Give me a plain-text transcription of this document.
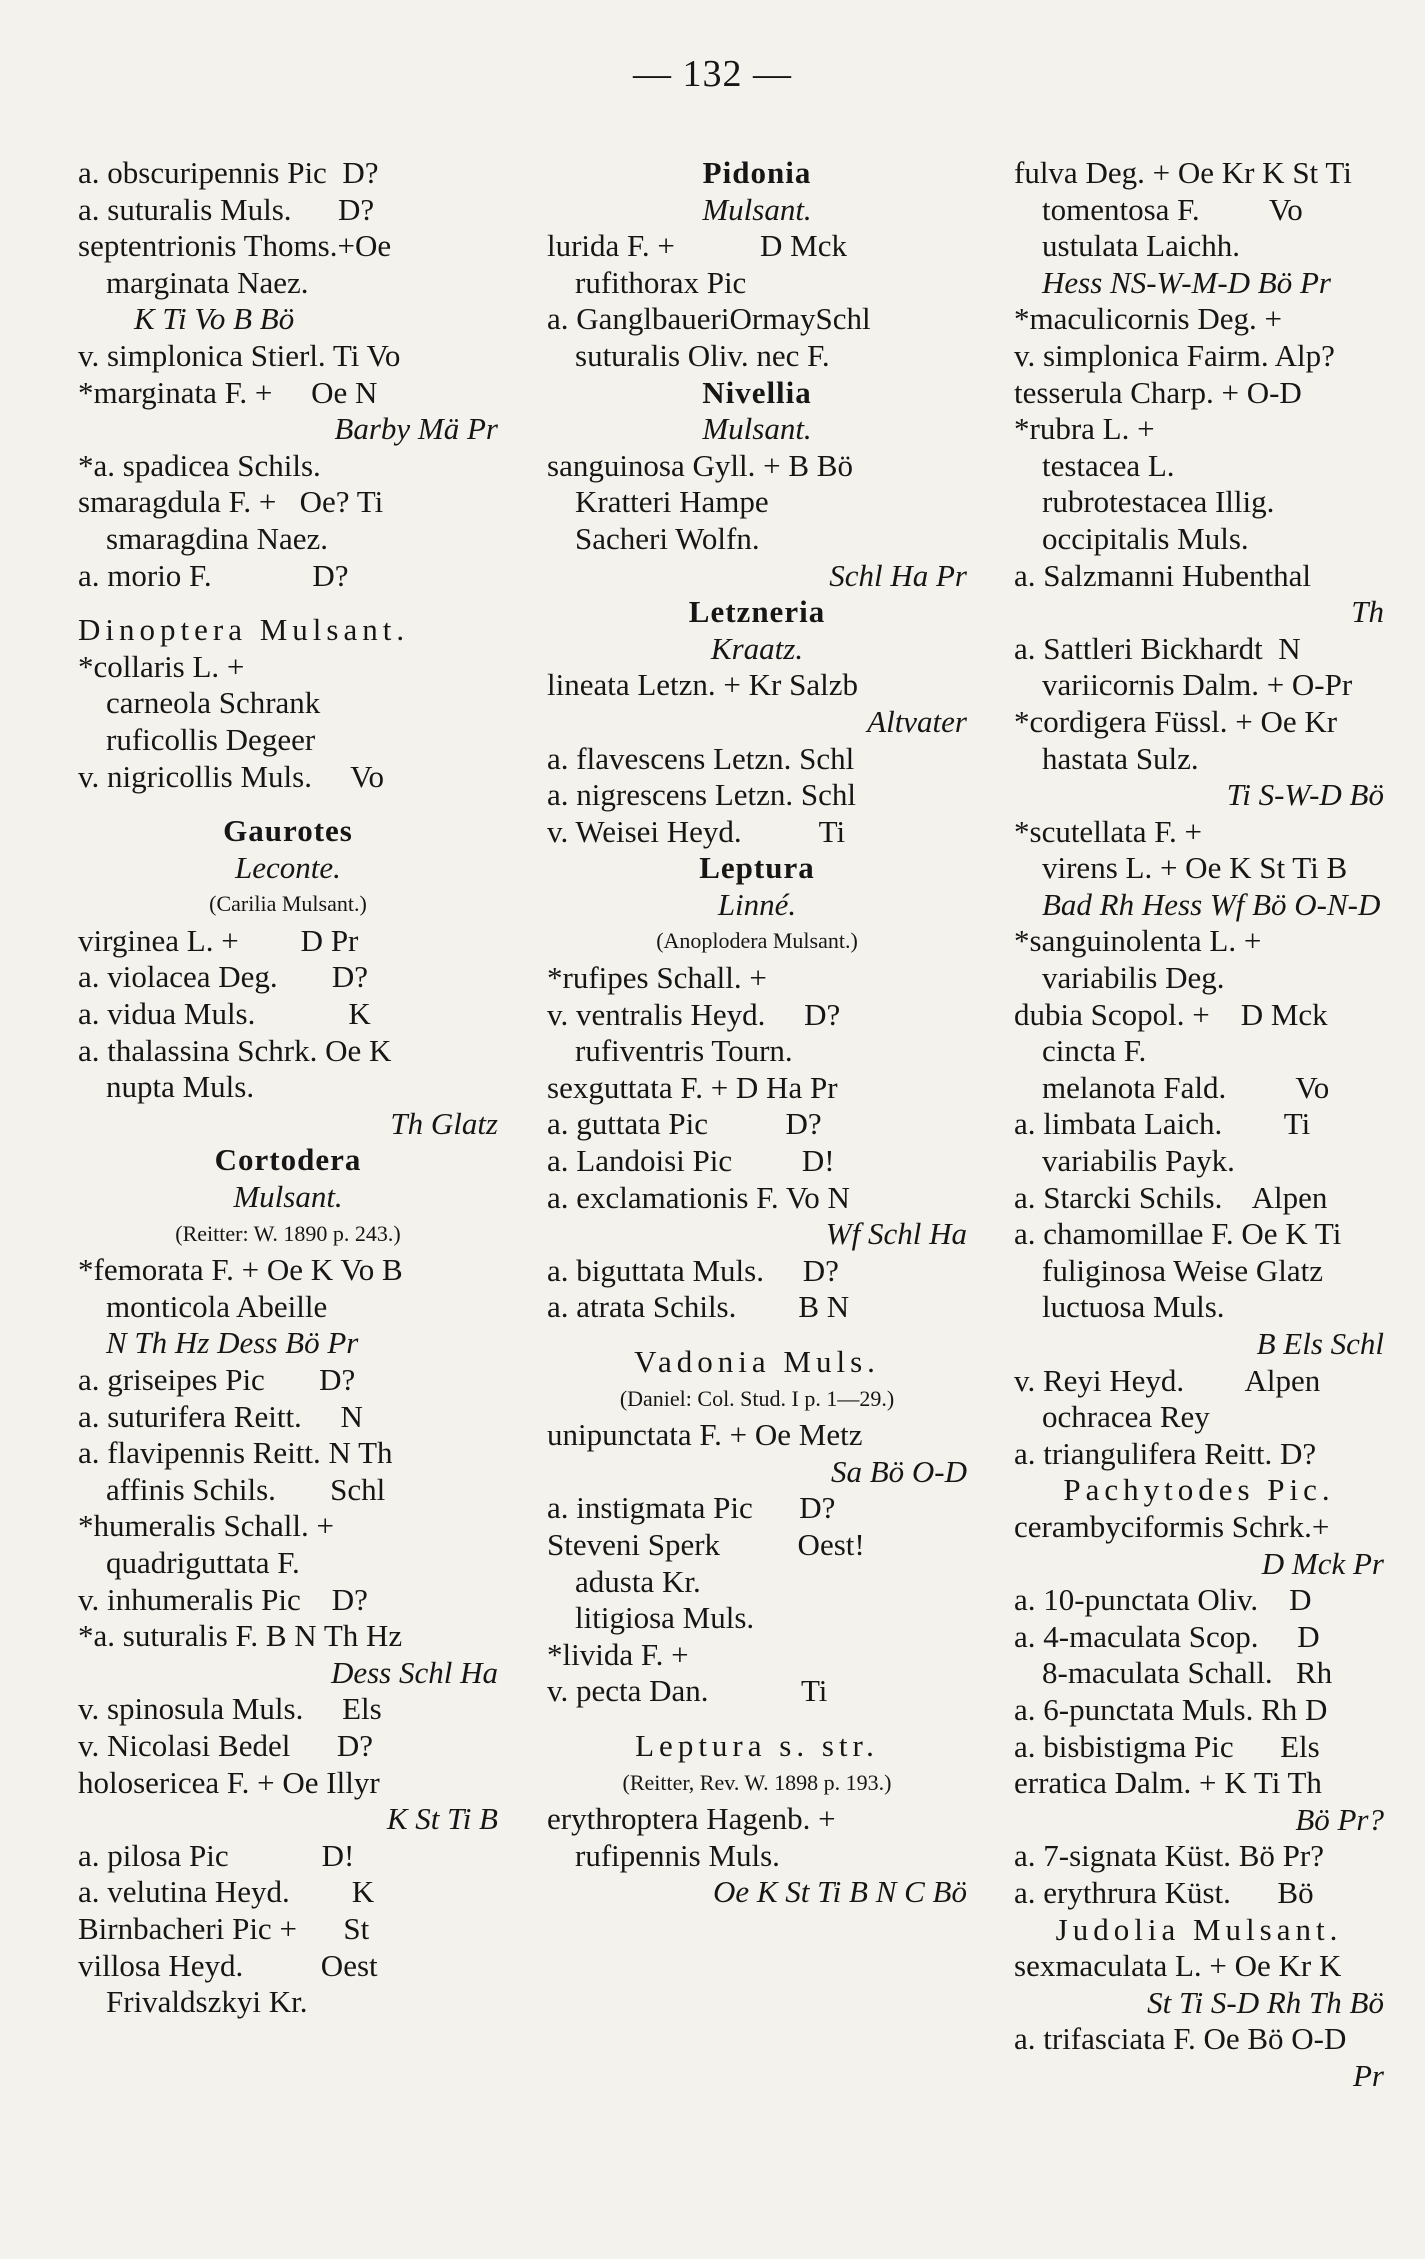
— 132 —
a. obscuripennis Pic  D?
a. suturalis Muls.      D?
septentrionis Thoms.+Oe
marginata Naez.
K Ti Vo B Bö
v. simplonica Stierl. Ti Vo
*marginata F. +     Oe N
Barby Mä Pr
*a. spadicea Schils.
smaragdula F. +   Oe? Ti
smaragdina Naez.
a. morio F.             D?
Dinoptera Mulsant.
*collaris L. +
carneola Schrank
ruficollis Degeer
v. nigricollis Muls.     Vo
Gaurotes
Leconte.
(Carilia Mulsant.)
virginea L. +        D Pr
a. violacea Deg.       D?
a. vidua Muls.            K
a. thalassina Schrk. Oe K
nupta Muls.
Th Glatz
Cortodera
Mulsant.
(Reitter: W. 1890 p. 243.)
*femorata F. + Oe K Vo B
monticola Abeille
N Th Hz Dess Bö Pr
a. griseipes Pic       D?
a. suturifera Reitt.     N
a. flavipennis Reitt. N Th
affinis Schils.       Schl
*humeralis Schall. +
quadriguttata F.
v. inhumeralis Pic    D?
*a. suturalis F. B N Th Hz
Dess Schl Ha
v. spinosula Muls.     Els
v. Nicolasi Bedel      D?
holosericea F. + Oe Illyr
K St Ti B
a. pilosa Pic            D!
a. velutina Heyd.        K
Birnbacheri Pic +      St
villosa Heyd.          Oest
Frivaldszkyi Kr.
Pidonia
Mulsant.
lurida F. +           D Mck
rufithorax Pic
a. GanglbaueriOrmaySchl
suturalis Oliv. nec F.
Nivellia
Mulsant.
sanguinosa Gyll. + B Bö
Kratteri Hampe
Sacheri Wolfn.
Schl Ha Pr
Letzneria
Kraatz.
lineata Letzn. + Kr Salzb
Altvater
a. flavescens Letzn. Schl
a. nigrescens Letzn. Schl
v. Weisei Heyd.          Ti
Leptura
Linné.
(Anoplodera Mulsant.)
*rufipes Schall. +
v. ventralis Heyd.     D?
rufiventris Tourn.
sexguttata F. + D Ha Pr
a. guttata Pic          D?
a. Landoisi Pic         D!
a. exclamationis F. Vo N
Wf Schl Ha
a. biguttata Muls.     D?
a. atrata Schils.        B N
Vadonia Muls.
(Daniel: Col. Stud. I p. 1—29.)
unipunctata F. + Oe Metz
Sa Bö O-D
a. instigmata Pic      D?
Steveni Sperk          Oest!
adusta Kr.
litigiosa Muls.
*livida F. +
v. pecta Dan.            Ti
Leptura s. str.
(Reitter, Rev. W. 1898 p. 193.)
erythroptera Hagenb. +
rufipennis Muls.
Oe K St Ti B N C Bö
fulva Deg. + Oe Kr K St Ti
tomentosa F.         Vo
ustulata Laichh.
Hess NS-W-M-D Bö Pr
*maculicornis Deg. +
v. simplonica Fairm. Alp?
tesserula Charp. + O-D
*rubra L. +
testacea L.
rubrotestacea Illig.
occipitalis Muls.
a. Salzmanni Hubenthal
Th
a. Sattleri Bickhardt  N
variicornis Dalm. + O-Pr
*cordigera Füssl. + Oe Kr
hastata Sulz.
Ti S-W-D Bö
*scutellata F. +
virens L. + Oe K St Ti B
Bad Rh Hess Wf Bö O-N-D
*sanguinolenta L. +
variabilis Deg.
dubia Scopol. +    D Mck
cincta F.
melanota Fald.         Vo
a. limbata Laich.        Ti
variabilis Payk.
a. Starcki Schils.    Alpen
a. chamomillae F. Oe K Ti
fuliginosa Weise Glatz
luctuosa Muls.
B Els Schl
v. Reyi Heyd.        Alpen
ochracea Rey
a. triangulifera Reitt. D?
Pachytodes Pic.
cerambyciformis Schrk.+
D Mck Pr
a. 10-punctata Oliv.    D
a. 4-maculata Scop.     D
8-maculata Schall.   Rh
a. 6-punctata Muls. Rh D
a. bisbistigma Pic      Els
erratica Dalm. + K Ti Th
Bö Pr?
a. 7-signata Küst. Bö Pr?
a. erythrura Küst.      Bö
Judolia Mulsant.
sexmaculata L. + Oe Kr K
St Ti S-D Rh Th Bö
a. trifasciata F. Oe Bö O-D
Pr
